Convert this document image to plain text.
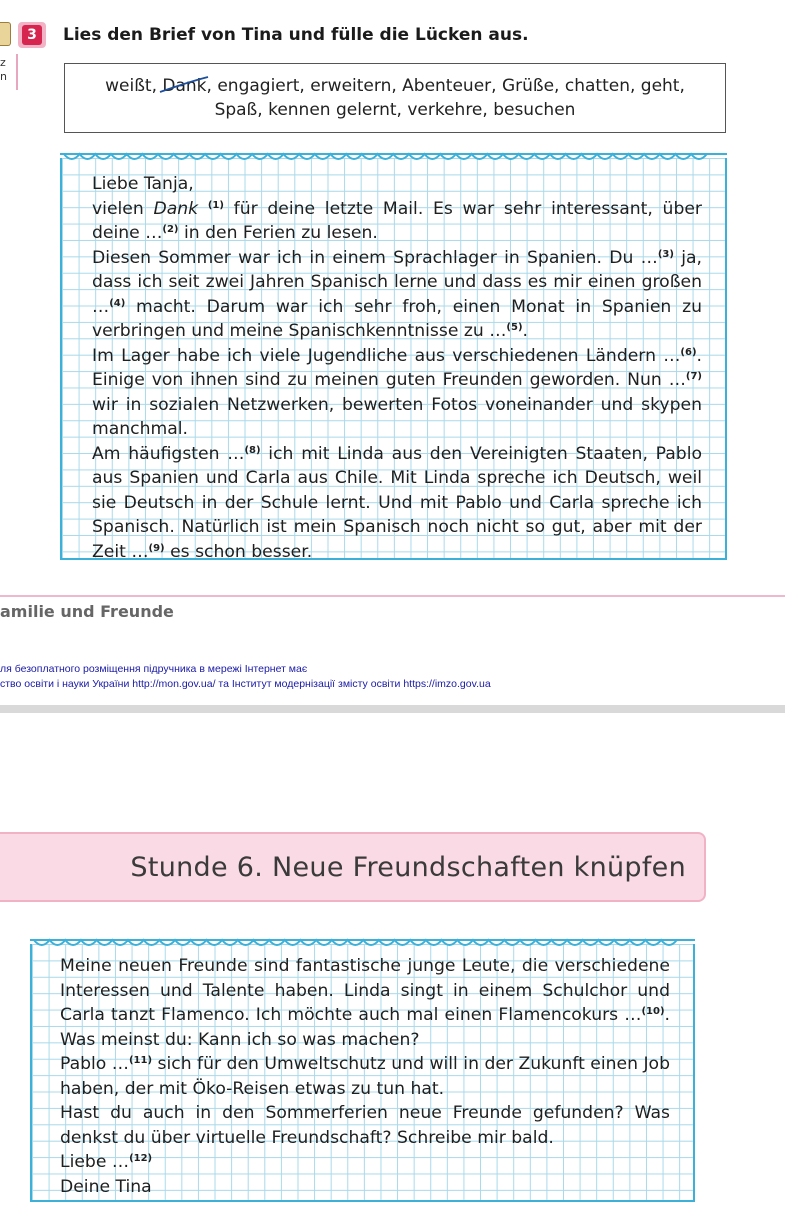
z
n
3	Lies den Brief von Tina und fülle die Lücken aus.

weißt, Dank
, engagiert, erweitern, Abenteuer, Grüße, chatten, geht,
Spaß, kennen gelernt, verkehre, besuchen

Liebe Tanja,

vielen Dank $^{(1)}$ für deine letzte Mail. Es war sehr interessant, über deine …$^{(2)}$ in den Ferien zu lesen.

Diesen Sommer war ich in einem Sprachlager in Spanien. Du …$^{(3)}$ ja, dass ich seit zwei Jahren Spanisch lerne und dass es mir einen großen …$^{(4)}$ macht. Darum war ich sehr froh, einen Monat in Spanien zu verbringen und meine Spanischkenntnisse zu …$^{(5)}$.

Im Lager habe ich viele Jugendliche aus verschiedenen Ländern …$^{(6)}$. Einige von ihnen sind zu meinen guten Freunden geworden. Nun …$^{(7)}$ wir in sozialen Netzwerken, bewerten Fotos voneinander und skypen manchmal.

Am häufigsten …$^{(8)}$ ich mit Linda aus den Vereinigten Staaten, Pablo aus Spanien und Carla aus Chile. Mit Linda spreche ich Deutsch, weil sie Deutsch in der Schule lernt. Und mit Pablo und Carla spreche ich Spanisch. Natürlich ist mein Spanisch noch nicht so gut, aber mit der Zeit …$^{(9)}$ es schon besser.

amilie und Freunde
ля безоплатного розміщення підручника в мережі Інтернет має
ство освіти і науки України http://mon.gov.ua/ та Інститут модернізації змісту освіти https://imzo.gov.ua
Stunde 6. Neue Freundschaften knüpfen

Meine neuen Freunde sind fantastische junge Leute, die verschiedene Interessen und Talente haben. Linda singt in einem Schulchor und Carla tanzt Flamenco. Ich möchte auch mal einen Flamencokurs …$^{(10)}$. Was meinst du: Kann ich so was machen?

Pablo …$^{(11)}$ sich für den Umweltschutz und will in der Zukunft einen Job haben, der mit Öko-Reisen etwas zu tun hat.

Hast du auch in den Sommerferien neue Freunde gefunden? Was denkst du über virtuelle Freundschaft? Schreibe mir bald.

Liebe …$^{(12)}$

Deine Tina
